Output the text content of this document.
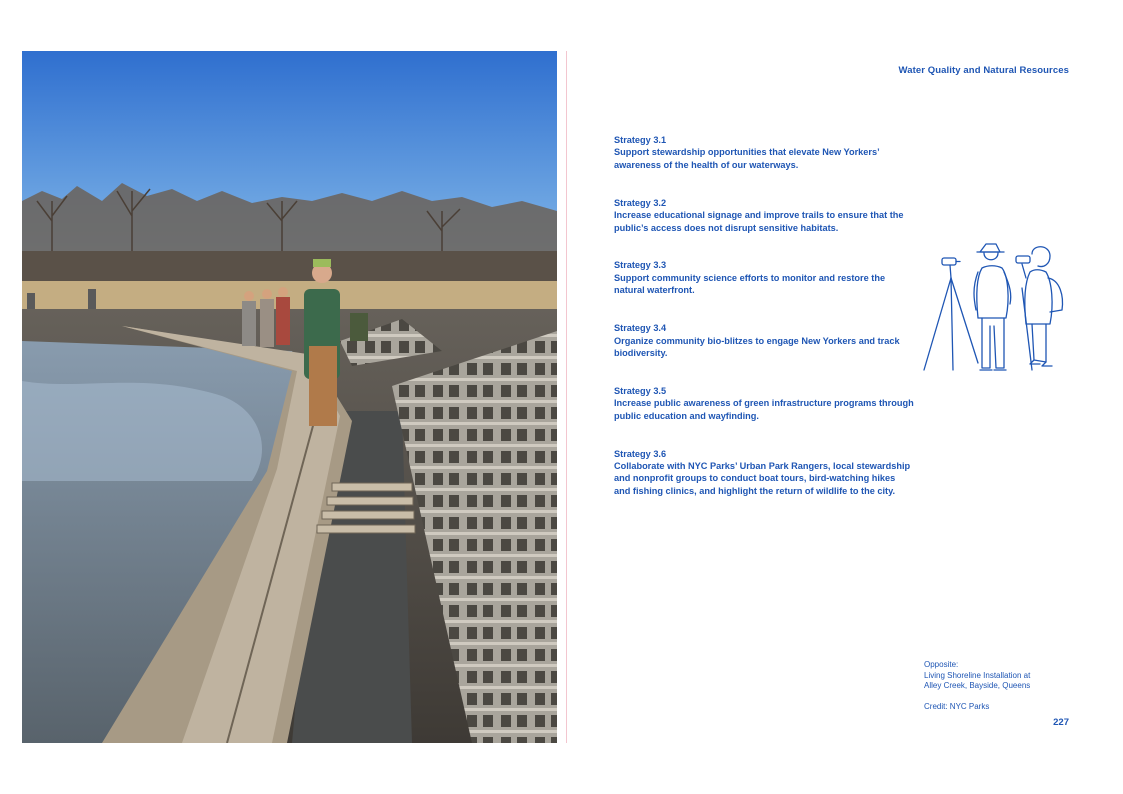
Water Quality and Natural Resources
Strategy 3.1
Support stewardship opportunities that elevate New Yorkers’ awareness of the health of our waterways.
Strategy 3.2
Increase educational signage and improve trails to ensure that the public’s access does not disrupt sensitive habitats.
Strategy 3.3
Support community science efforts to monitor and restore the natural waterfront.
Strategy 3.4
Organize community bio-blitzes to engage New Yorkers and track biodiversity.
Strategy 3.5
Increase public awareness of green infrastructure programs through public education and wayfinding.
Strategy 3.6
Collaborate with NYC Parks’ Urban Park Rangers, local stewardship and nonprofit groups to conduct boat tours, bird-watching hikes and fishing clinics, and highlight the return of wildlife to the city.
Opposite:
Living Shoreline Installation at
Alley Creek, Bayside, Queens
Credit: NYC Parks
227
